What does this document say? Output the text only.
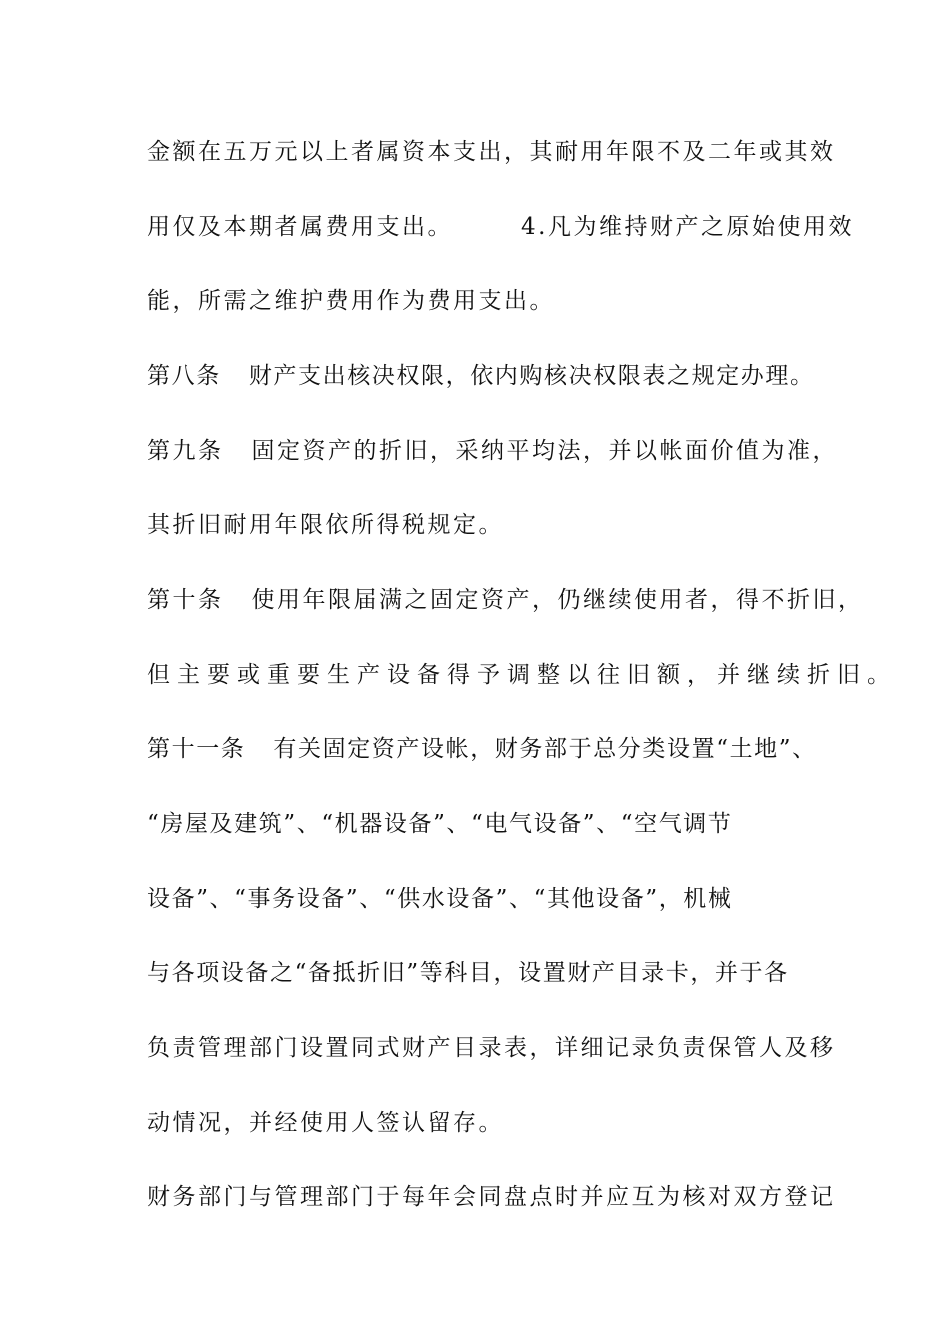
金额在五万元以上者属资本支出，其耐用年限不及二年或其效
用仅及本期者属费用支出。	4.凡为维持财产之原始使用效
能，所需之维护费用作为费用支出。
第八条 财产支出核决权限，依内购核决权限表之规定办理。
第九条 固定资产的折旧，采纳平均法，并以帐面价值为准，
其折旧耐用年限依所得税规定。
第十条 使用年限届满之固定资产，仍继续使用者，得不折旧，
但主要或重要生产设备得予调整以往旧额，并继续折旧。
第十一条 有关固定资产设帐，财务部于总分类设置“土地”、
“房屋及建筑”、“机器设备”、“电气设备”、“空气调节
设备”、“事务设备”、“供水设备”、“其他设备”，机械
与各项设备之“备抵折旧”等科目，设置财产目录卡，并于各
负责管理部门设置同式财产目录表，详细记录负责保管人及移
动情况，并经使用人签认留存。
财务部门与管理部门于每年会同盘点时并应互为核对双方登记
